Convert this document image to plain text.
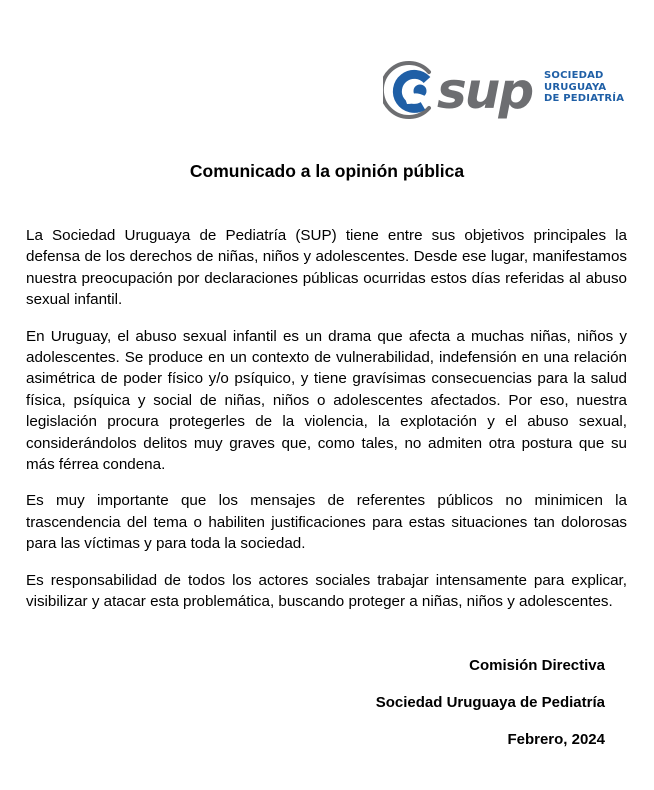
sup SOCIEDAD
URUGUAYA
DE PEDIATRÍA
Comunicado a la opinión pública

La Sociedad Uruguaya de Pediatría (SUP) tiene entre sus objetivos principales la defensa de los derechos de niñas, niños y adolescentes. Desde ese lugar, manifestamos nuestra preocupación por declaraciones públicas ocurridas estos días referidas al abuso sexual infantil.

En Uruguay, el abuso sexual infantil es un drama que afecta a muchas niñas, niños y adolescentes. Se produce en un contexto de vulnerabilidad, indefensión en una relación asimétrica de poder físico y/o psíquico, y tiene gravísimas consecuencias para la salud física, psíquica y social de niñas, niños o adolescentes afectados. Por eso, nuestra legislación procura protegerles de la violencia, la explotación y el abuso sexual, considerándolos delitos muy graves que, como tales, no admiten otra postura que su más férrea condena.

Es muy importante que los mensajes de referentes públicos no minimicen la trascendencia del tema o habiliten justificaciones para estas situaciones tan dolorosas para las víctimas y para toda la sociedad.

Es responsabilidad de todos los actores sociales trabajar intensamente para explicar, visibilizar y atacar esta problemática, buscando proteger a niñas, niños y adolescentes.

Comisión Directiva
Sociedad Uruguaya de Pediatría
Febrero, 2024
